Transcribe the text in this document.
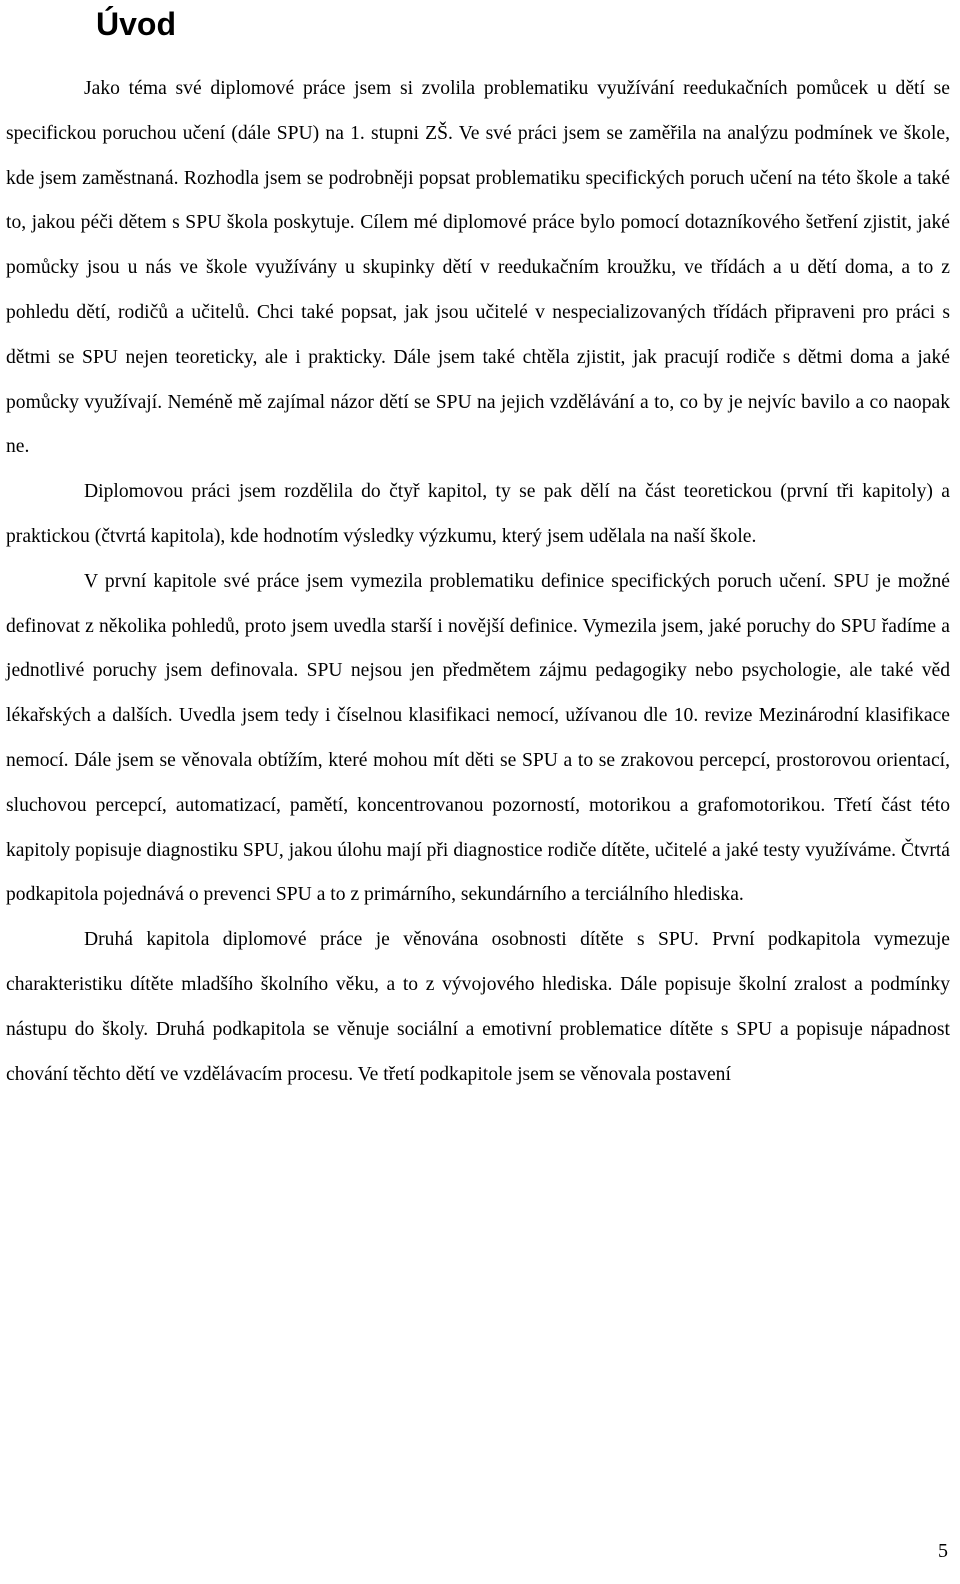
Úvod

Jako téma své diplomové práce jsem si zvolila problematiku využívání reedukačních pomůcek u dětí se specifickou poruchou učení (dále SPU) na 1. stupni ZŠ. Ve své práci jsem se zaměřila na analýzu podmínek ve škole, kde jsem zaměstnaná. Rozhodla jsem se podrobněji popsat problematiku specifických poruch učení na této škole a také to, jakou péči dětem s SPU škola poskytuje. Cílem mé diplomové práce bylo pomocí dotazníkového šetření zjistit, jaké pomůcky jsou u nás ve škole využívány u skupinky dětí v reedukačním kroužku, ve třídách a u dětí doma, a to z pohledu dětí, rodičů a učitelů. Chci také popsat, jak jsou učitelé v nespecializovaných třídách připraveni pro práci s dětmi se SPU nejen teoreticky, ale i prakticky. Dále jsem také chtěla zjistit, jak pracují rodiče s dětmi doma a jaké pomůcky využívají. Neméně mě zajímal názor dětí se SPU na jejich vzdělávání a to, co by je nejvíc bavilo a co naopak ne.

Diplomovou práci jsem rozdělila do čtyř kapitol, ty se pak dělí na část teoretickou (první tři kapitoly) a praktickou (čtvrtá kapitola), kde hodnotím výsledky výzkumu, který jsem udělala na naší škole.

V první kapitole své práce jsem vymezila problematiku definice specifických poruch učení. SPU je možné definovat z několika pohledů, proto jsem uvedla starší i novější definice. Vymezila jsem, jaké poruchy do SPU řadíme a jednotlivé poruchy jsem definovala. SPU nejsou jen předmětem zájmu pedagogiky nebo psychologie, ale také věd lékařských a dalších. Uvedla jsem tedy i číselnou klasifikaci nemocí, užívanou dle 10. revize Mezinárodní klasifikace nemocí. Dále jsem se věnovala obtížím, které mohou mít děti se SPU a to se zrakovou percepcí, prostorovou orientací, sluchovou percepcí, automatizací, pamětí, koncentrovanou pozorností, motorikou a grafomotorikou. Třetí část této kapitoly popisuje diagnostiku SPU, jakou úlohu mají při diagnostice rodiče dítěte, učitelé a jaké testy využíváme. Čtvrtá podkapitola pojednává o prevenci SPU a to z primárního, sekundárního a terciálního hlediska.

Druhá kapitola diplomové práce je věnována osobnosti dítěte s SPU. První podkapitola vymezuje charakteristiku dítěte mladšího školního věku, a to z vývojového hlediska. Dále popisuje školní zralost a podmínky nástupu do školy. Druhá podkapitola se věnuje sociální a emotivní problematice dítěte s SPU a popisuje nápadnost chování těchto dětí ve vzdělávacím procesu. Ve třetí podkapitole jsem se věnovala postavení

5
